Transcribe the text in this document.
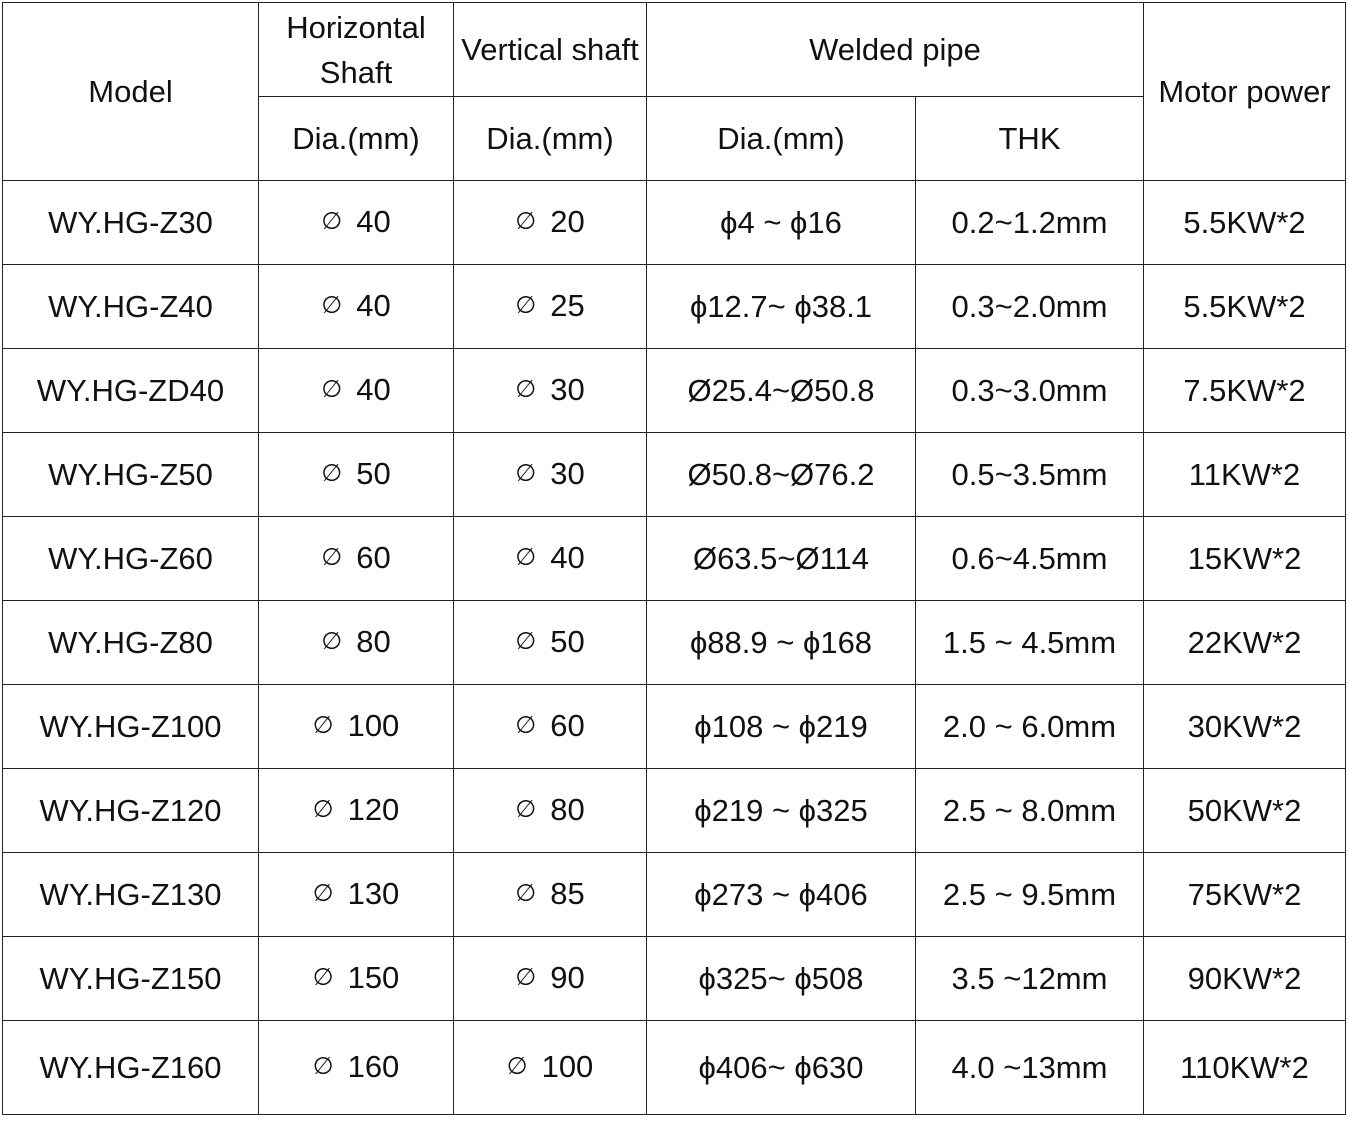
Model	Horizontal Shaft	Vertical shaft	Welded pipe		Motor power
	Dia.(mm)	Dia.(mm)	Dia.(mm)	THK	
WY.HG-Z30	∅ 40	∅ 20	ϕ4 ~ ϕ16	0.2~1.2mm	5.5KW*2
WY.HG-Z40	∅ 40	∅ 25	ϕ12.7~ ϕ38.1	0.3~2.0mm	5.5KW*2
WY.HG-ZD40	∅ 40	∅ 30	Ø25.4~Ø50.8	0.3~3.0mm	7.5KW*2
WY.HG-Z50	∅ 50	∅ 30	Ø50.8~Ø76.2	0.5~3.5mm	11KW*2
WY.HG-Z60	∅ 60	∅ 40	Ø63.5~Ø114	0.6~4.5mm	15KW*2
WY.HG-Z80	∅ 80	∅ 50	ϕ88.9 ~ ϕ168	1.5 ~ 4.5mm	22KW*2
WY.HG-Z100	∅ 100	∅ 60	ϕ108 ~ ϕ219	2.0 ~ 6.0mm	30KW*2
WY.HG-Z120	∅ 120	∅ 80	ϕ219 ~ ϕ325	2.5 ~ 8.0mm	50KW*2
WY.HG-Z130	∅ 130	∅ 85	ϕ273 ~ ϕ406	2.5 ~ 9.5mm	75KW*2
WY.HG-Z150	∅ 150	∅ 90	ϕ325~ ϕ508	3.5 ~12mm	90KW*2
WY.HG-Z160	∅ 160	∅ 100	ϕ406~ ϕ630	4.0 ~13mm	110KW*2
